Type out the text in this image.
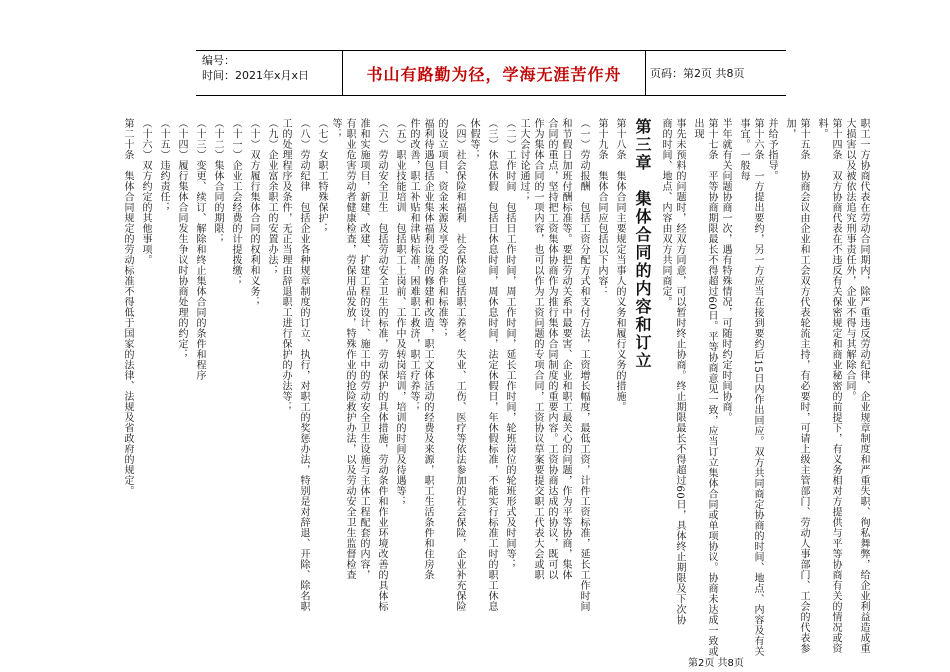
编号：
时间：2021年x月x日	书山有路勤为径，学海无涯苦作舟	页码：第2页 共8页

职工一方协商代表在劳动合同期内，除严重违反劳动纪律、企业规章制度和严重失职、徇私舞弊，给企业利益造成重

大损害以及被依法追究刑事责任外，企业不得与其解除合同。

第十四条　双方协商代表在不违反有关保密规定和商业秘密的前提下，有义务相对方提供与平等协商有关的情况或资料。

第十五条　协商会议由企业和工会双方代表轮流主持，有必要时，可请上级主管部门、劳动人事部门、工会的代表参加，

并给予指导。

第十六条　一方提出要约，另一方应当在接到要约后15日内作出回应。双方共同商定协商的时间、地点、内容及有关事宜。一般每

半年就有关问题协商一次，遇有特殊情况，可随时约定时间协商。

第十七条　平等协商期限最长不得超过60日。平等协商意见一致，应当订立集体合同或单项协议。协商未达成一致或出现

事先未预料的问题时，经双方同意，可以暂时终止协商。终止期限最长不得超过60日，具体终止期限及下次协

商的时间、地点、内容由双方共同商定。

第三章　集体合同的内容和订立

第十八条　集体合同主要规定当事人的义务和履行义务的措施。

第十九条　集体合同应包括以下内容：

（一）劳动报酬　包括工资分配方式和支付方法，工资增长幅度，最低工资，计件工资标准，延长工作时间

和节假日加班付酬标准等。要把劳动关系中最要害、企业和职工最关心的问题，作为平等协商，集体

合同的重点，坚持把工资集体协商作为推行集体合同制度的重要内容。工资协商达成的协议，既可以

作为集体合同的一项内容，也可以作为工资问题的专项合同，工资协议草案要提交职工代表大会或职

工大会讨论通过；

（二）工作时间　包括日工作时间，周工作时间，延长工作时间，轮班岗位的轮班形式及时间等；

（三）休息休假　包括日休息时间，周休息时间，法定休假日，年休假标准，不能实行标准工时的职工休息

休假等；

（四）社会保险和福利　社会保险包括职工养老、失业、工伤、医疗等依法参加的社会保险，企业补充保险

的设立项目、资金来源及享受的条件和标准等；

福利待遇包括企业集体福利设施的修建和改造，职工文体活动的经费及来源，职工生活条件和住房条

件的改善，职工补贴和津贴标准，困难职工救济，职工疗养等；

（五）职业技能培训　包括职工上岗前、工作中及转岗培训，培训的时间及待遇等；

（六）劳动安全卫生　包括劳动安全卫生的标准，劳动保护的具体措施，劳动条件和作业环境改善的具体标

准和实施项目，新建、改建、扩建工程的设计、施工中的劳动安全卫生设施与主体工程配套的内容，

有职业危害劳动者健康检查，劳保用品发放，特殊作业的抢险救护办法，以及劳动安全卫生监督检查

等；

（七）女职工特殊保护；

（八）劳动纪律　包括企业各种规章制度的订立、执行，对职工的奖惩办法，特别是对辞退、开除、除名职

工的处理程序及条件，无正当理由辞退职工进行保护的办法等；

（九）企业富余职工的安置办法；

（十）双方履行集体合同的权利和义务；

（十一）企业工会经费的计提拨缴；

（十二）集体合同的期限；

（十三）变更、续订、解除和终止集体合同的条件和程序

（十四）履行集体合同发生争议时协商处理的约定；

（十五）违约责任；

（十六）双方约定的其他事项。

第二十条　集体合同规定的劳动标准不得低于国家的法律、法规及省政府的规定。

第2页 共8页
